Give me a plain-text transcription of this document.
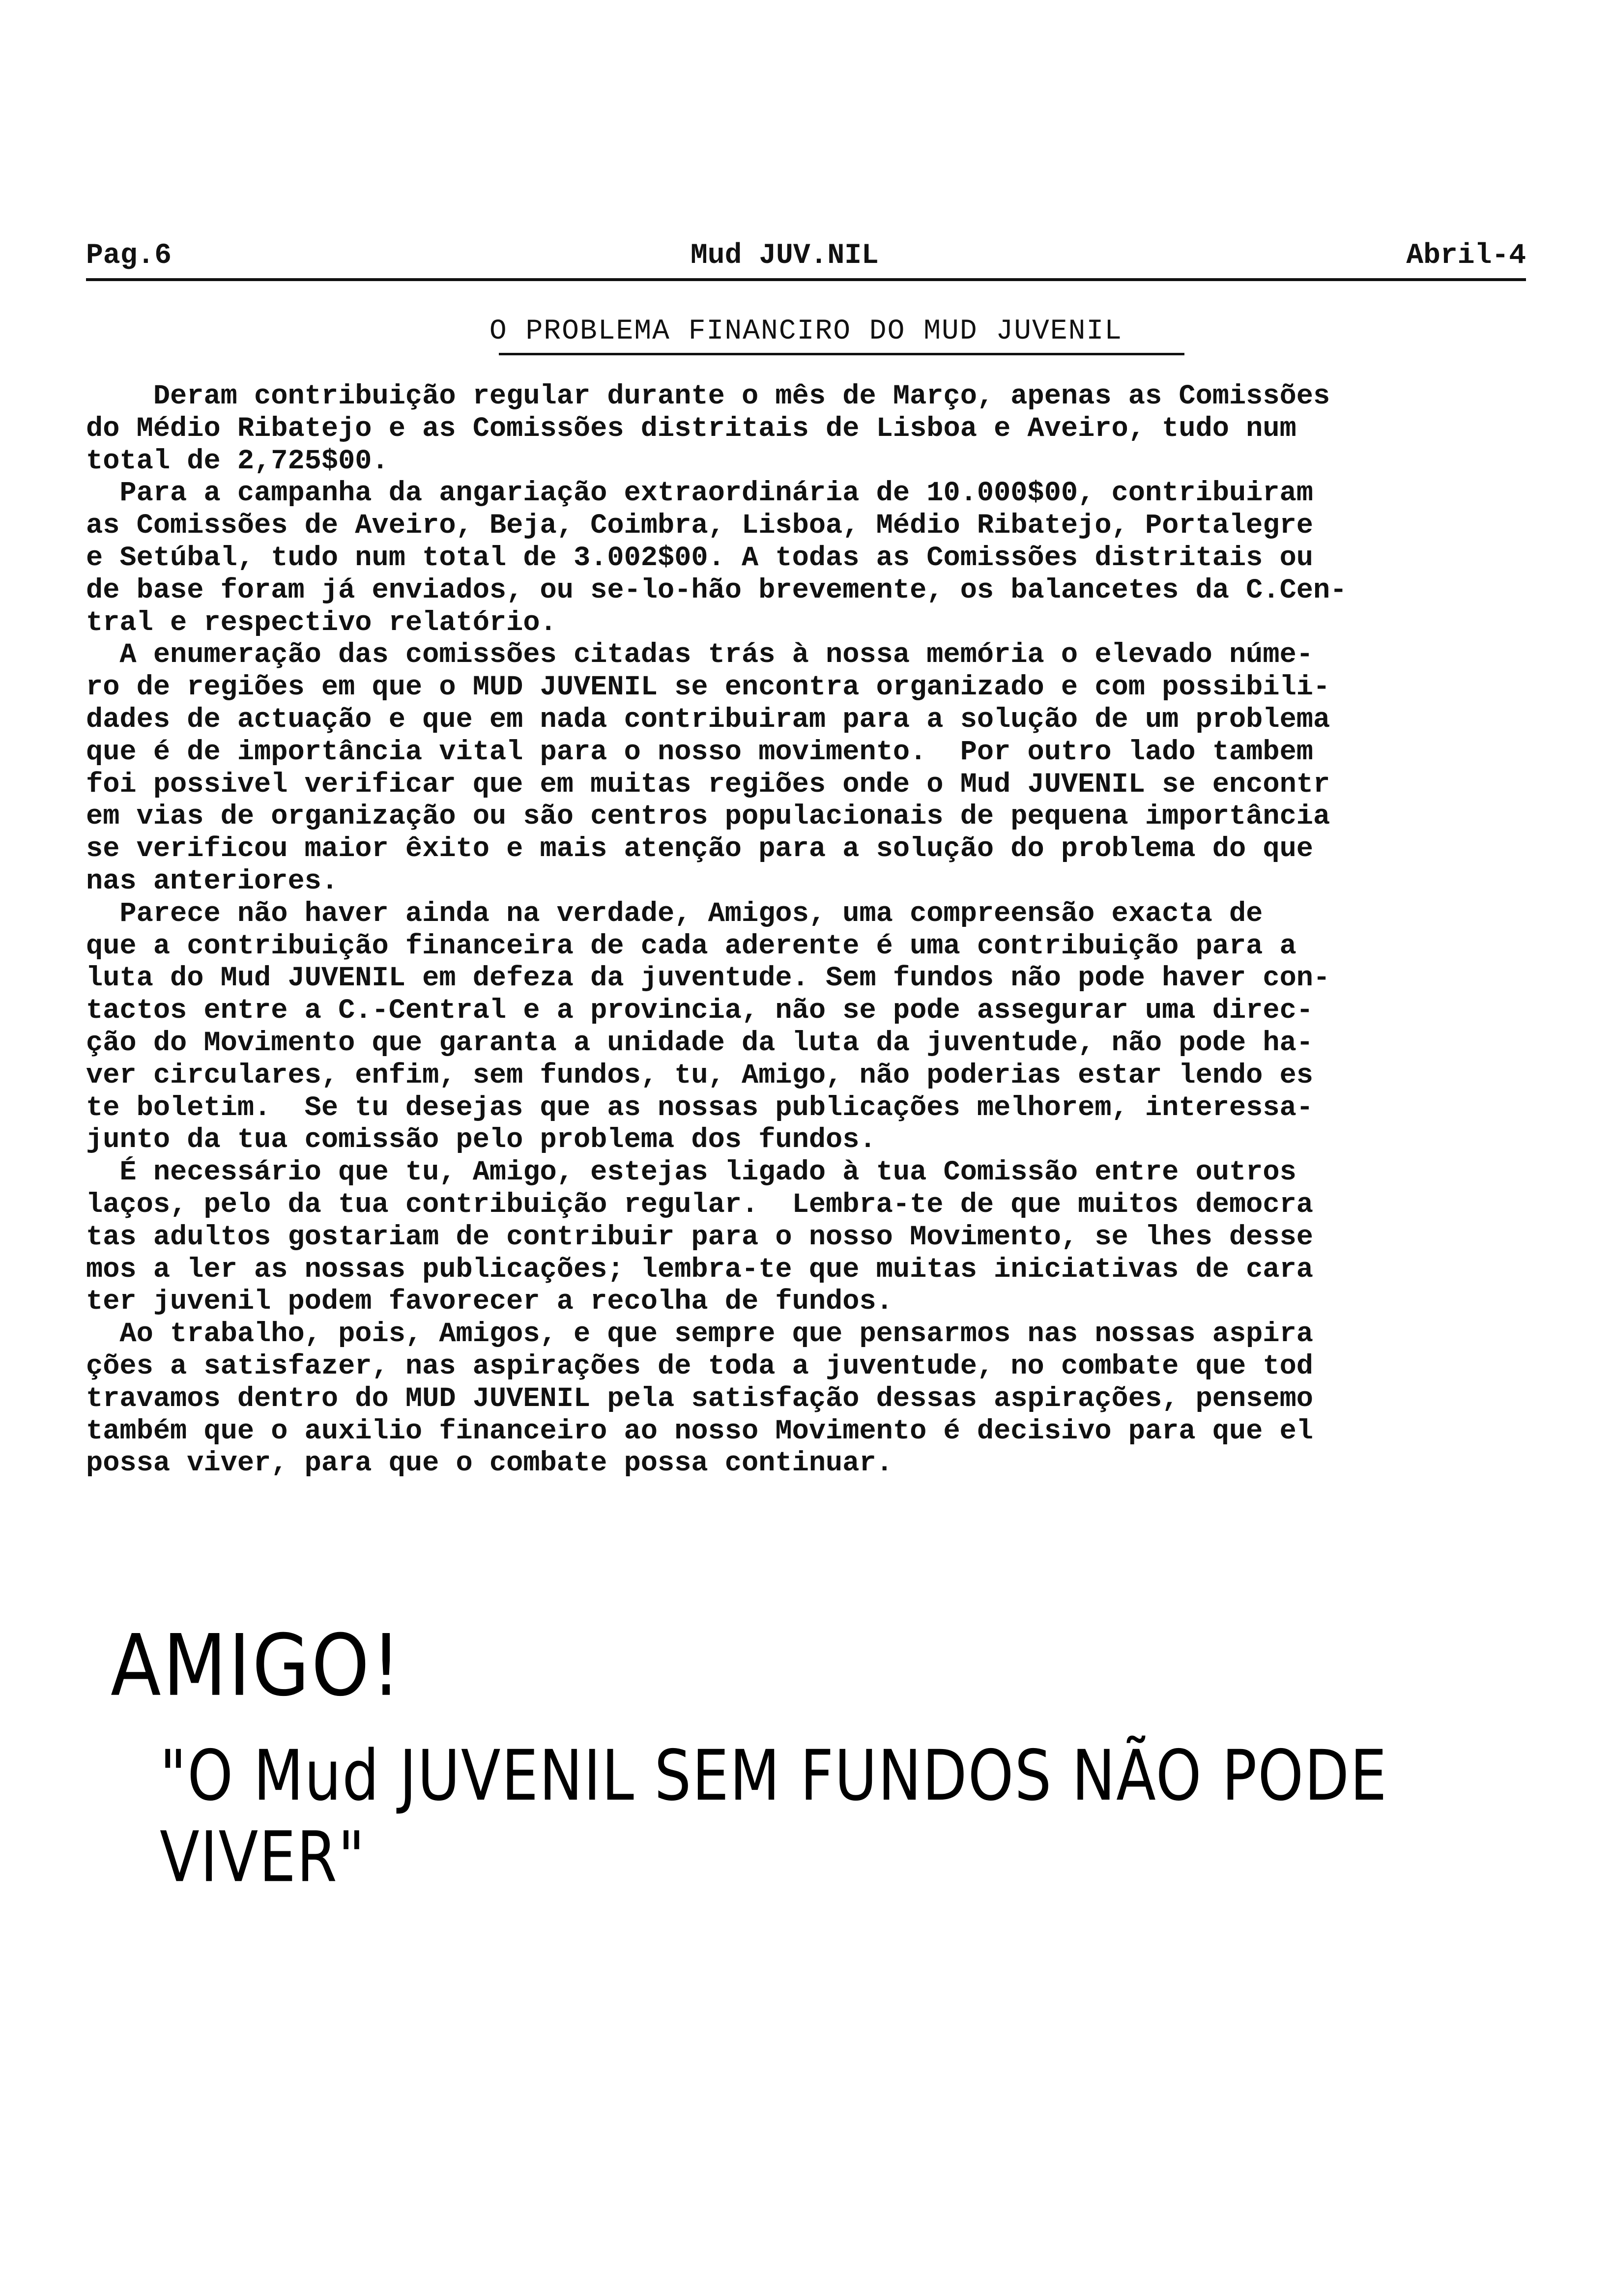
Pag.6	Mud JUV.NIL	Abril-4
O PROBLEMA FINANCIRO DO MUD JUVENIL
Deram contribuição regular durante o mês de Março, apenas as Comissões
do Médio Ribatejo e as Comissões distritais de Lisboa e Aveiro, tudo num
total de 2,725$00.
Para a campanha da angariação extraordinária de 10.000$00, contribuiram
as Comissões de Aveiro, Beja, Coimbra, Lisboa, Médio Ribatejo, Portalegre
e Setúbal, tudo num total de 3.002$00. A todas as Comissões distritais ou
de base foram já enviados, ou se-lo-hão brevemente, os balancetes da C.Cen-
tral e respectivo relatório.
A enumeração das comissões citadas trás à nossa memória o elevado núme-
ro de regiões em que o MUD JUVENIL se encontra organizado e com possibili-
dades de actuação e que em nada contribuiram para a solução de um problema
que é de importância vital para o nosso movimento.  Por outro lado tambem
foi possivel verificar que em muitas regiões onde o Mud JUVENIL se encontr
em vias de organização ou são centros populacionais de pequena importância
se verificou maior êxito e mais atenção para a solução do problema do que
nas anteriores.
Parece não haver ainda na verdade, Amigos, uma compreensão exacta de
que a contribuição financeira de cada aderente é uma contribuição para a
luta do Mud JUVENIL em defeza da juventude. Sem fundos não pode haver con-
tactos entre a C.-Central e a provincia, não se pode assegurar uma direc-
ção do Movimento que garanta a unidade da luta da juventude, não pode ha-
ver circulares, enfim, sem fundos, tu, Amigo, não poderias estar lendo es
te boletim.  Se tu desejas que as nossas publicações melhorem, interessa-
junto da tua comissão pelo problema dos fundos.
É necessário que tu, Amigo, estejas ligado à tua Comissão entre outros
laços, pelo da tua contribuição regular.  Lembra-te de que muitos democra
tas adultos gostariam de contribuir para o nosso Movimento, se lhes desse
mos a ler as nossas publicações; lembra-te que muitas iniciativas de cara
ter juvenil podem favorecer a recolha de fundos.
Ao trabalho, pois, Amigos, e que sempre que pensarmos nas nossas aspira
ções a satisfazer, nas aspirações de toda a juventude, no combate que tod
travamos dentro do MUD JUVENIL pela satisfação dessas aspirações, pensemo
também que o auxilio financeiro ao nosso Movimento é decisivo para que el
possa viver, para que o combate possa continuar.
AMIGO!
"O Mud JUVENIL SEM FUNDOS NÃO PODE VIVER"
